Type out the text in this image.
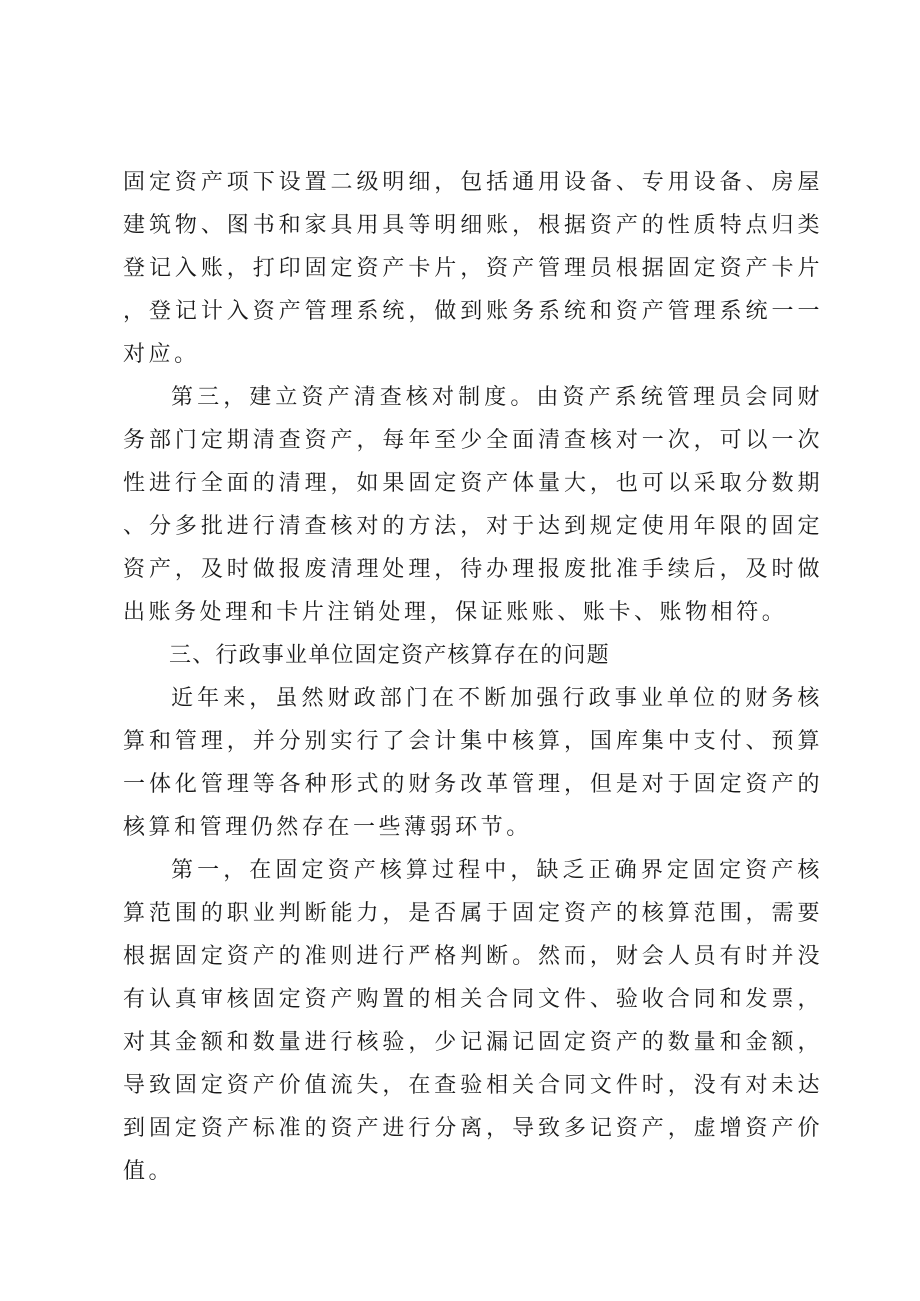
固定资产项下设置二级明细，包括通用设备、专用设备、房屋建筑物、图书和家具用具等明细账，根据资产的性质特点归类登记入账，打印固定资产卡片，资产管理员根据固定资产卡片，登记计入资产管理系统，做到账务系统和资产管理系统一一对应。

第三，建立资产清查核对制度。由资产系统管理员会同财务部门定期清查资产，每年至少全面清查核对一次，可以一次性进行全面的清理，如果固定资产体量大，也可以采取分数期、分多批进行清查核对的方法，对于达到规定使用年限的固定资产，及时做报废清理处理，待办理报废批准手续后，及时做出账务处理和卡片注销处理，保证账账、账卡、账物相符。

三、行政事业单位固定资产核算存在的问题

近年来，虽然财政部门在不断加强行政事业单位的财务核算和管理，并分别实行了会计集中核算，国库集中支付、预算一体化管理等各种形式的财务改革管理，但是对于固定资产的核算和管理仍然存在一些薄弱环节。

第一，在固定资产核算过程中，缺乏正确界定固定资产核算范围的职业判断能力，是否属于固定资产的核算范围，需要根据固定资产的准则进行严格判断。然而，财会人员有时并没有认真审核固定资产购置的相关合同文件、验收合同和发票，对其金额和数量进行核验，少记漏记固定资产的数量和金额，导致固定资产价值流失，在查验相关合同文件时，没有对未达到固定资产标准的资产进行分离，导致多记资产，虚增资产价值。
